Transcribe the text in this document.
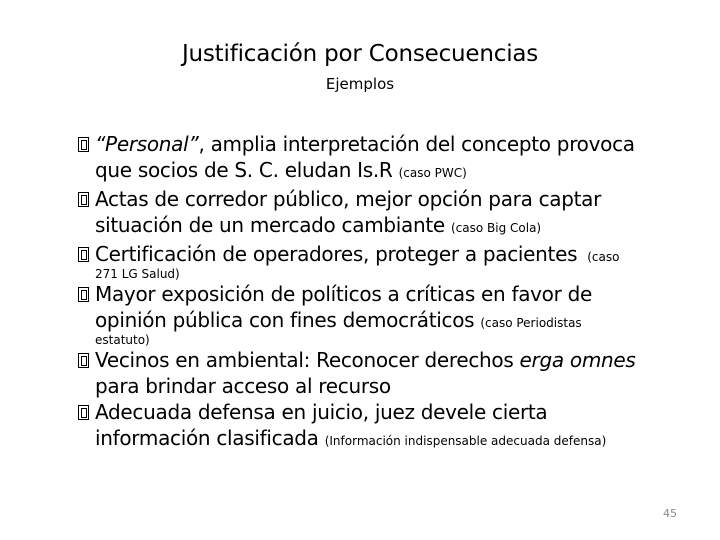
Justificación por Consecuencias
Ejemplos
“Personal”, amplia interpretación del concepto provoca
que socios de S. C. eludan Is.R (caso PWC)
Actas de corredor público, mejor opción para captar
situación de un mercado cambiante (caso Big Cola)
Certificación de operadores, proteger a pacientes (caso
271 LG Salud)
Mayor exposición de políticos a críticas en favor de
opinión pública con fines democráticos (caso Periodistas
estatuto)
Vecinos en ambiental: Reconocer derechos erga omnes
para brindar acceso al recurso
Adecuada defensa en juicio, juez devele cierta
información clasificada (Información indispensable adecuada defensa)
45
